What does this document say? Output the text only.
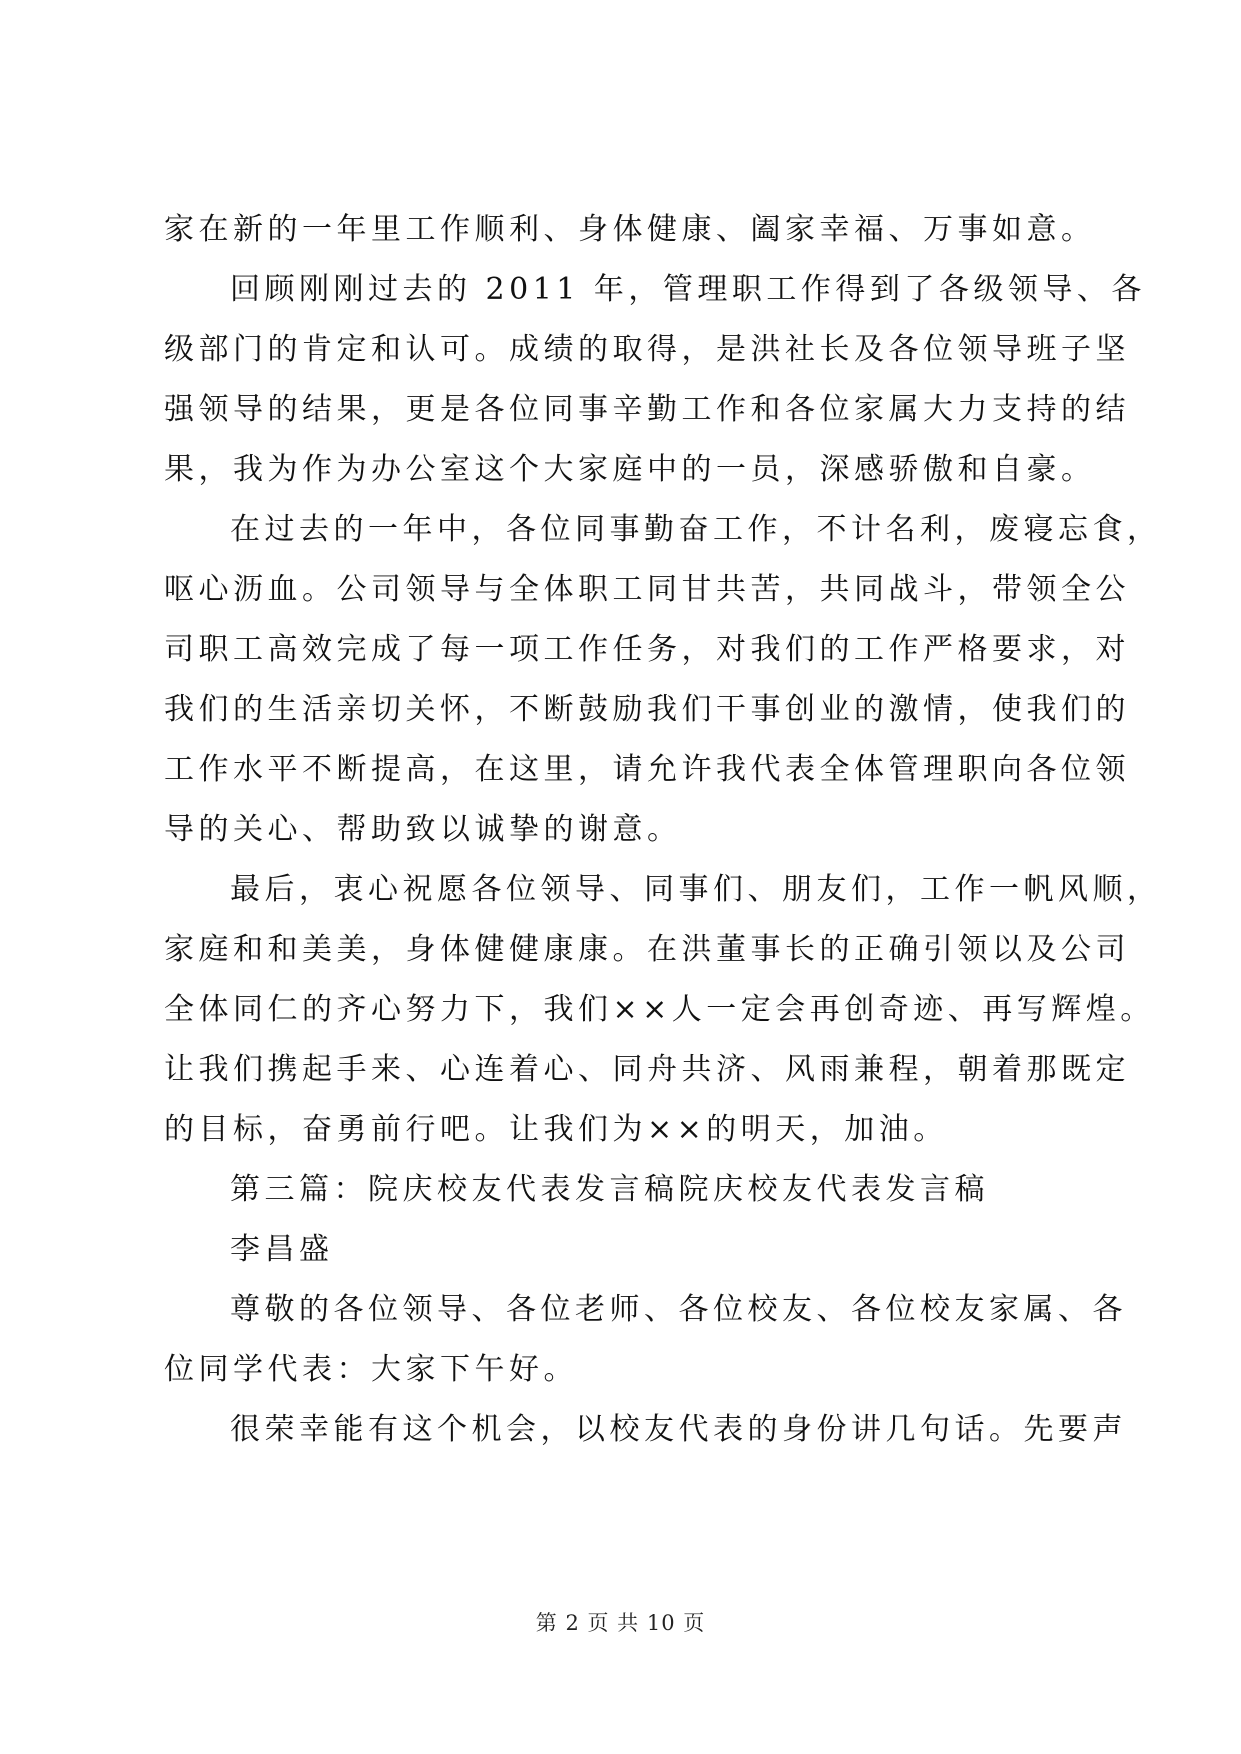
家在新的一年里工作顺利、身体健康、阖家幸福、万事如意。
回顾刚刚过去的 2011 年，管理职工作得到了各级领导、各
级部门的肯定和认可。成绩的取得，是洪社长及各位领导班子坚
强领导的结果，更是各位同事辛勤工作和各位家属大力支持的结
果，我为作为办公室这个大家庭中的一员，深感骄傲和自豪。
在过去的一年中，各位同事勤奋工作，不计名利，废寝忘食，
呕心沥血。公司领导与全体职工同甘共苦，共同战斗，带领全公
司职工高效完成了每一项工作任务，对我们的工作严格要求，对
我们的生活亲切关怀，不断鼓励我们干事创业的激情，使我们的
工作水平不断提高，在这里，请允许我代表全体管理职向各位领
导的关心、帮助致以诚挚的谢意。
最后，衷心祝愿各位领导、同事们、朋友们，工作一帆风顺，
家庭和和美美，身体健健康康。在洪董事长的正确引领以及公司
全体同仁的齐心努力下，我们××人一定会再创奇迹、再写辉煌。
让我们携起手来、心连着心、同舟共济、风雨兼程，朝着那既定
的目标，奋勇前行吧。让我们为××的明天，加油。
第三篇：院庆校友代表发言稿院庆校友代表发言稿
李昌盛
尊敬的各位领导、各位老师、各位校友、各位校友家属、各
位同学代表：大家下午好。
很荣幸能有这个机会，以校友代表的身份讲几句话。先要声
第 2 页 共 10 页
